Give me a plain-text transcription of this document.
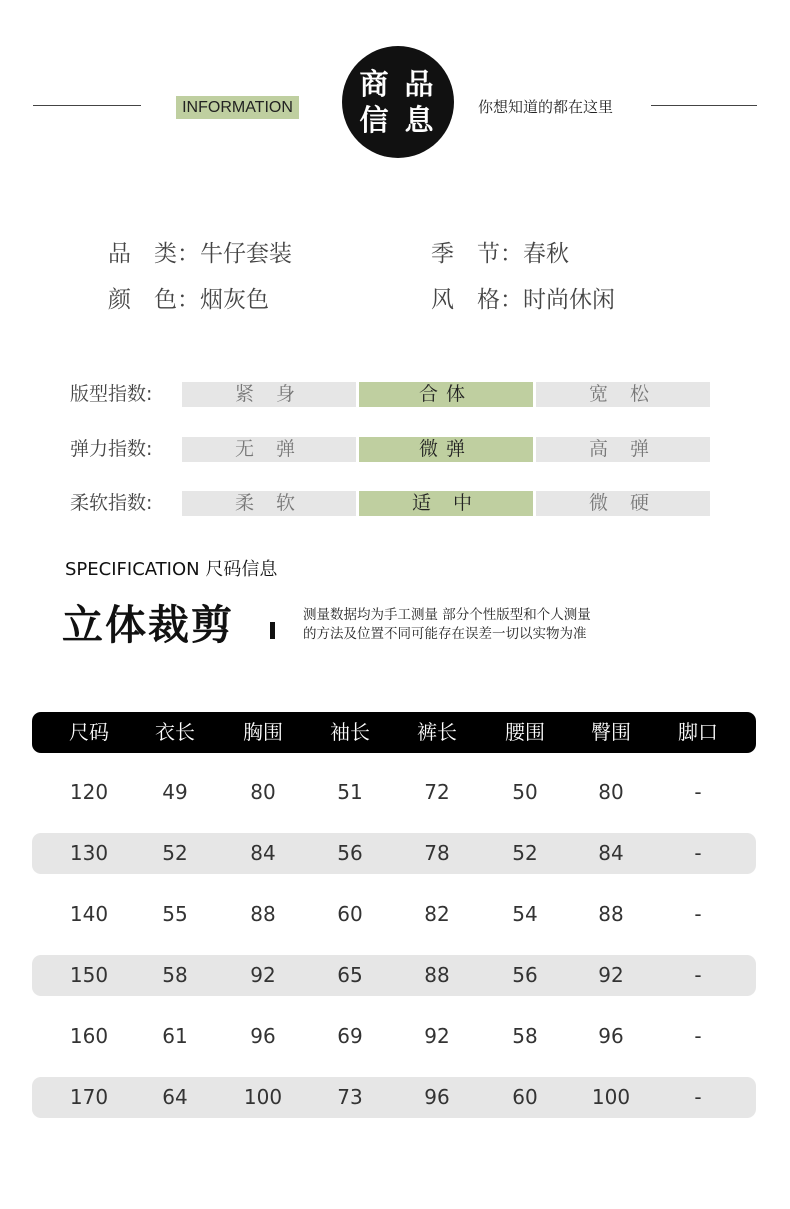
INFORMATION
商 品
信 息	你想知道的都在这里
品　类：牛仔套装	季　节：春秋
颜　色：烟灰色	风　格：时尚休闲
版型指数:	紧 身	合体	宽 松
弹力指数:	无 弹	微弹	高 弹
柔软指数:	柔 软	适 中	微 硬
SPECIFICATION 尺码信息
立体裁剪	测量数据均为手工测量 部分个性版型和个人测量
的方法及位置不同可能存在误差一切以实物为准
尺码	衣长	胸围	袖长	裤长	腰围	臀围	脚口
120	49	80	51	72	50	80	-
130	52	84	56	78	52	84	-
140	55	88	60	82	54	88	-
150	58	92	65	88	56	92	-
160	61	96	69	92	58	96	-
170	64	100	73	96	60	100	-
